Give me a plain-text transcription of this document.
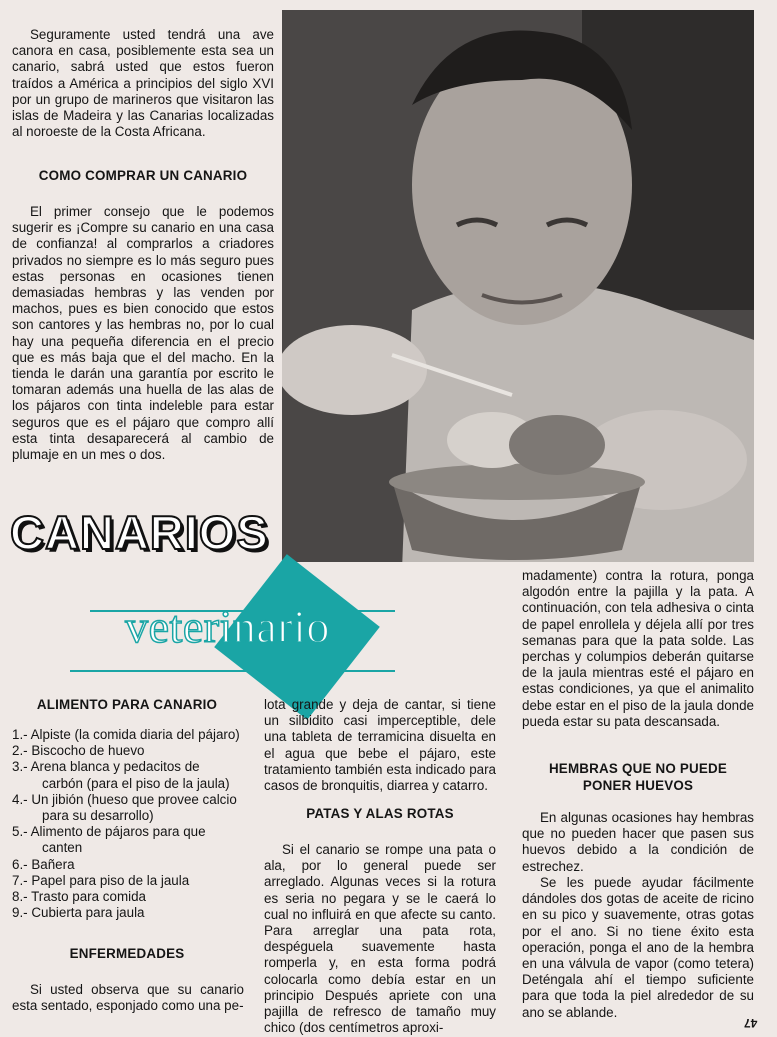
Seguramente usted tendrá una ave canora en casa, posiblemente esta sea un canario, sabrá usted que estos fueron traídos a América a principios del siglo XVI por un grupo de marineros que visitaron las islas de Madeira y las Canarias localizadas al noroeste de la Costa Africana.
COMO COMPRAR UN CANARIO
El primer consejo que le podemos sugerir es ¡Compre su canario en una casa de confianza! al comprarlos a criadores privados no siempre es lo más seguro pues estas personas en ocasiones tienen demasiadas hembras y las venden por machos, pues es bien conocido que estos son cantores y las hembras no, por lo cual hay una pequeña diferencia en el precio que es más baja que el del macho. En la tienda le darán una garantía por escrito le tomaran además una huella de las alas de los pájaros con tinta indeleble para estar seguros que es el pájaro que compro allí esta tinta desaparecerá al cambio de plumaje en un mes o dos.
CANARIOS
veterinario
ALIMENTO PARA CANARIO
1.- Alpiste (la comida diaria del pájaro)
2.- Biscocho de huevo
3.- Arena blanca y pedacitos de carbón (para el piso de la jaula)
4.- Un jibión (hueso que provee calcio para su desarrollo)
5.- Alimento de pájaros para que canten
6.- Bañera
7.- Papel para piso de la jaula
8.- Trasto para comida
9.- Cubierta para jaula
ENFERMEDADES
Si usted observa que su canario esta sentado, esponjado como una pe-
lota grande y deja de cantar, si tiene un silbidito casi imperceptible, dele una tableta de terramicina disuelta en el agua que bebe el pájaro, este tratamiento también esta indicado para casos de bronquitis, diarrea y catarro.
PATAS Y ALAS ROTAS
Si el canario se rompe una pata o ala, por lo general puede ser arreglado. Algunas veces si la rotura es seria no pegara y se le caerá lo cual no influirá en que afecte su canto. Para arreglar una pata rota, despéguela suavemente hasta romperla y, en esta forma podrá colocarla como debía estar en un principio Después apriete con una pajilla de refresco de tamaño muy chico (dos centímetros aproxi-
madamente) contra la rotura, ponga algodón entre la pajilla y la pata. A continuación, con tela adhesiva o cinta de papel enrollela y déjela allí por tres semanas para que la pata solde. Las perchas y columpios deberán quitarse de la jaula mientras esté el pájaro en estas condiciones, ya que el animalito debe estar en el piso de la jaula donde pueda estar su pata descansada.
HEMBRAS QUE NO PUEDE
PONER HUEVOS
En algunas ocasiones hay hembras que no pueden hacer que pasen sus huevos debido a la condición de estrechez.
Se les puede ayudar fácilmente dándoles dos gotas de aceite de ricino en su pico y suavemente, otras gotas por el ano. Si no tiene éxito esta operación, ponga el ano de la hembra en una válvula de vapor (como tetera) Deténgala ahí el tiempo suficiente para que toda la piel alrededor de su ano se ablande.
47
